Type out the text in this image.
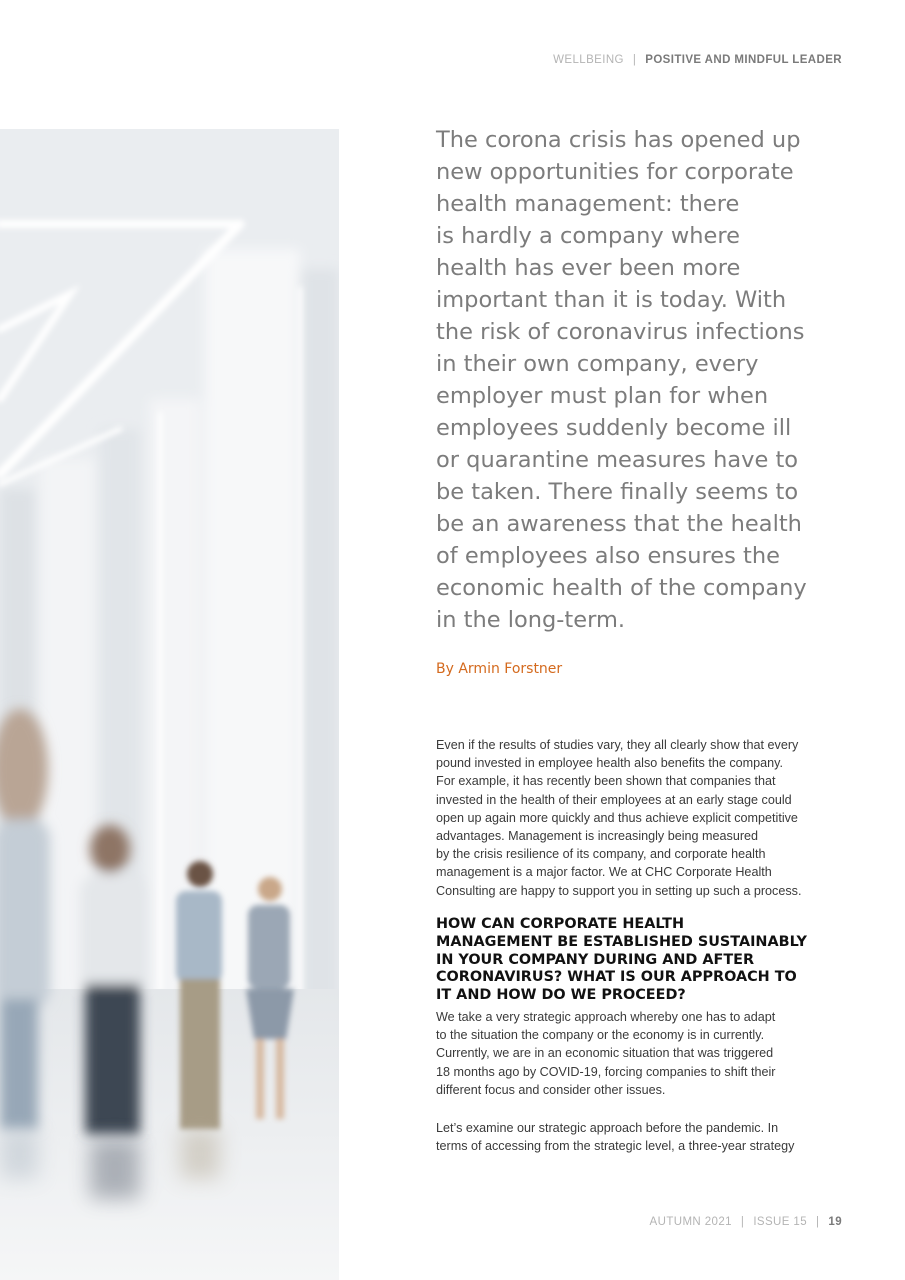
WELLBEING | POSITIVE AND MINDFUL LEADER

The corona crisis has opened up
new opportunities for corporate
health management: there
is hardly a company where
health has ever been more
important than it is today. With
the risk of coronavirus infections
in their own company, every
employer must plan for when
employees suddenly become ill
or quarantine measures have to
be taken. There finally seems to
be an awareness that the health
of employees also ensures the
economic health of the company
in the long-term.

By Armin Forstner

Even if the results of studies vary, they all clearly show that every
pound invested in employee health also benefits the company.
For example, it has recently been shown that companies that
invested in the health of their employees at an early stage could
open up again more quickly and thus achieve explicit competitive
advantages. Management is increasingly being measured
by the crisis resilience of its company, and corporate health
management is a major factor. We at CHC Corporate Health
Consulting are happy to support you in setting up such a process.

HOW CAN CORPORATE HEALTH
MANAGEMENT BE ESTABLISHED SUSTAINABLY
IN YOUR COMPANY DURING AND AFTER
CORONAVIRUS? WHAT IS OUR APPROACH TO
IT AND HOW DO WE PROCEED?

We take a very strategic approach whereby one has to adapt
to the situation the company or the economy is in currently.
Currently, we are in an economic situation that was triggered
18 months ago by COVID-19, forcing companies to shift their
different focus and consider other issues.

Let’s examine our strategic approach before the pandemic. In
terms of accessing from the strategic level, a three-year strategy

AUTUMN 2021 | ISSUE 15 | 19
